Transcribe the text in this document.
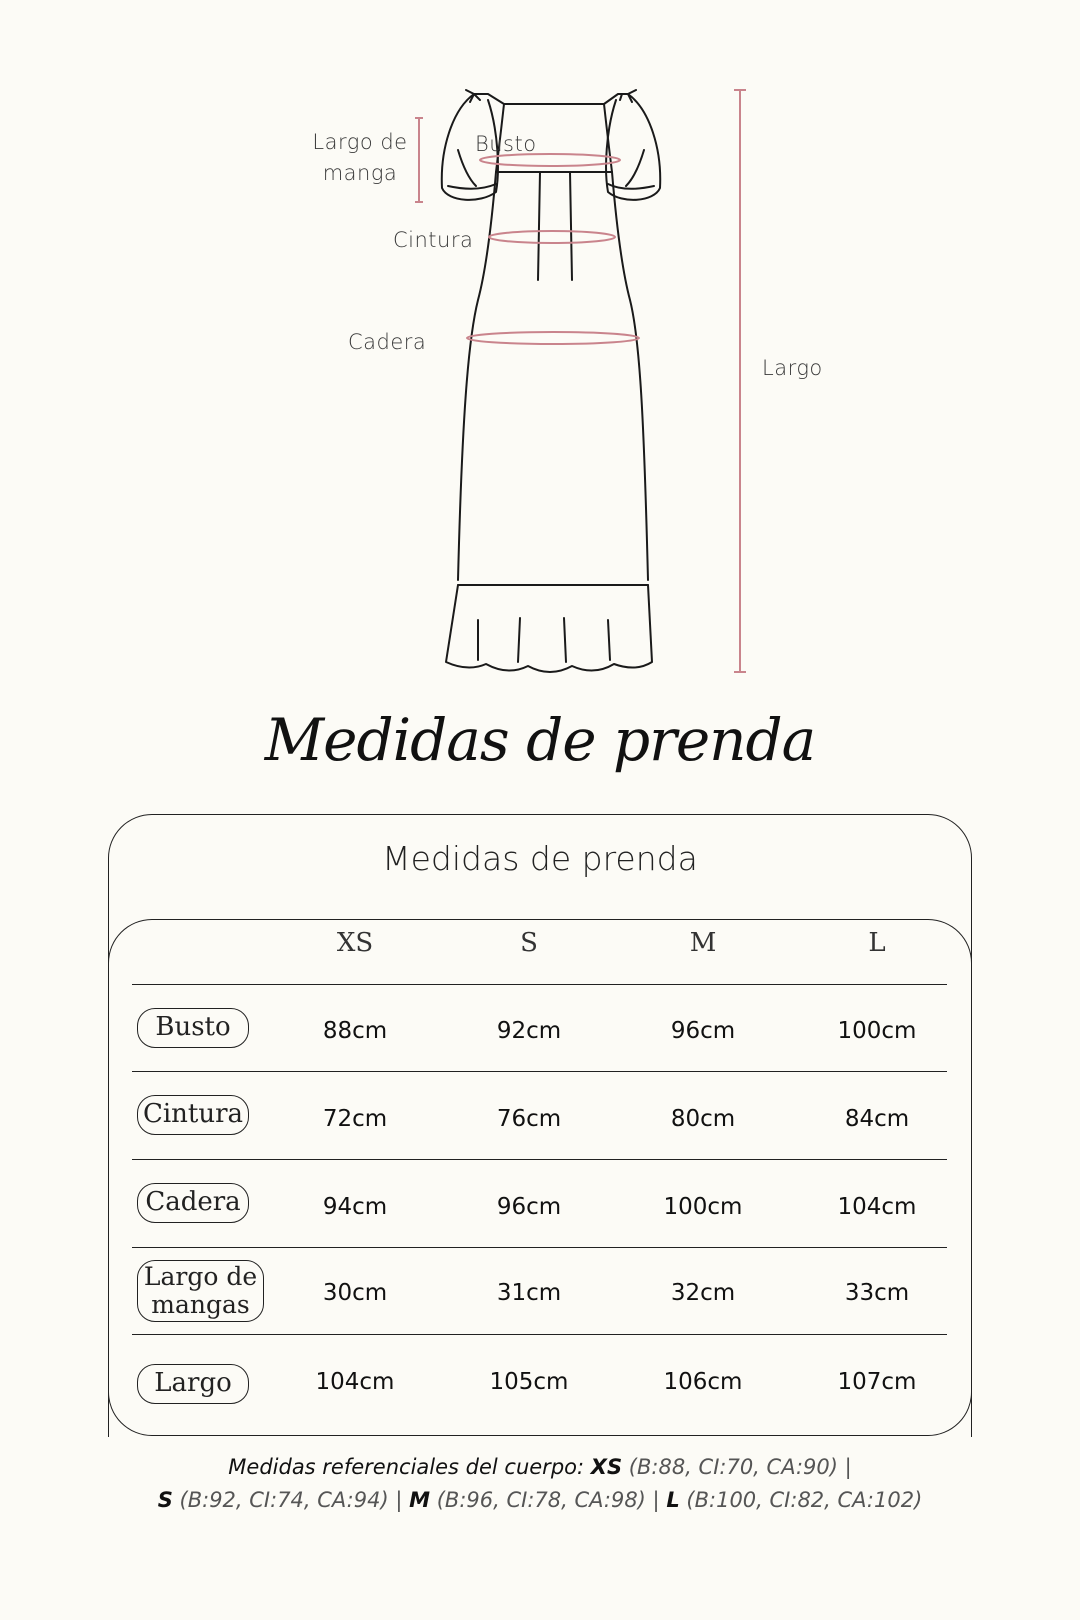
Largo de
manga
Busto
Cintura
Cadera
Largo
Medidas de prenda
Medidas de prenda
XS	S	M	L
Busto	88cm	92cm	96cm	100cm
Cintura	72cm	76cm	80cm	84cm
Cadera	94cm	96cm	100cm	104cm
Largo de
mangas	30cm	31cm	32cm	33cm
Largo	104cm	105cm	106cm	107cm
Medidas referenciales del cuerpo: XS (B:88, CI:70, CA:90) |
S (B:92, CI:74, CA:94) | M (B:96, CI:78, CA:98) | L (B:100, CI:82, CA:102)
